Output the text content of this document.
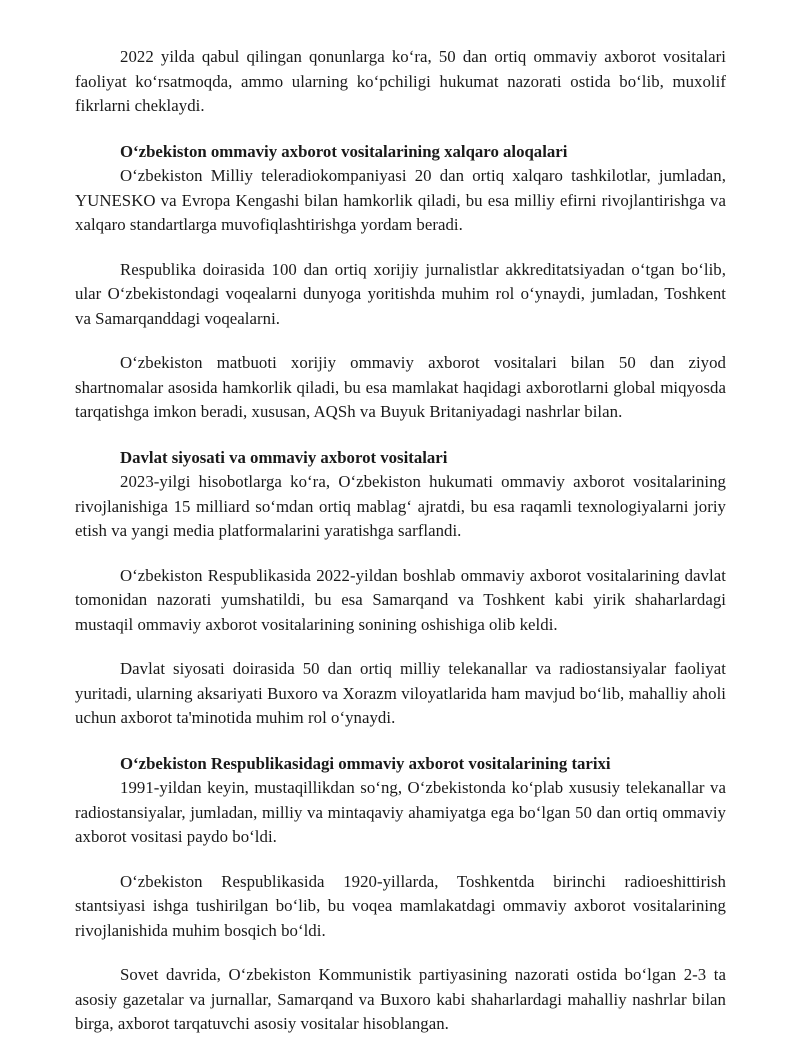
2022 yilda qabul qilingan qonunlarga ko‘ra, 50 dan ortiq ommaviy axborot vositalari faoliyat ko‘rsatmoqda, ammo ularning ko‘pchiligi hukumat nazorati ostida bo‘lib, muxolif fikrlarni cheklaydi.

O‘zbekiston ommaviy axborot vositalarining xalqaro aloqalari

O‘zbekiston Milliy teleradiokompaniyasi 20 dan ortiq xalqaro tashkilotlar, jumladan, YUNESKO va Evropa Kengashi bilan hamkorlik qiladi, bu esa milliy efirni rivojlantirishga va xalqaro standartlarga muvofiqlashtirishga yordam beradi.

Respublika doirasida 100 dan ortiq xorijiy jurnalistlar akkreditatsiyadan o‘tgan bo‘lib, ular O‘zbekistondagi voqealarni dunyoga yoritishda muhim rol o‘ynaydi, jumladan, Toshkent va Samarqanddagi voqealarni.

O‘zbekiston matbuoti xorijiy ommaviy axborot vositalari bilan 50 dan ziyod shartnomalar asosida hamkorlik qiladi, bu esa mamlakat haqidagi axborotlarni global miqyosda tarqatishga imkon beradi, xususan, AQSh va Buyuk Britaniyadagi nashrlar bilan.

Davlat siyosati va ommaviy axborot vositalari

2023-yilgi hisobotlarga ko‘ra, O‘zbekiston hukumati ommaviy axborot vositalarining rivojlanishiga 15 milliard so‘mdan ortiq mablag‘ ajratdi, bu esa raqamli texnologiyalarni joriy etish va yangi media platformalarini yaratishga sarflandi.

O‘zbekiston Respublikasida 2022-yildan boshlab ommaviy axborot vositalarining davlat tomonidan nazorati yumshatildi, bu esa Samarqand va Toshkent kabi yirik shaharlardagi mustaqil ommaviy axborot vositalarining sonining oshishiga olib keldi.

Davlat siyosati doirasida 50 dan ortiq milliy telekanallar va radiostansiyalar faoliyat yuritadi, ularning aksariyati Buxoro va Xorazm viloyatlarida ham mavjud bo‘lib, mahalliy aholi uchun axborot ta'minotida muhim rol o‘ynaydi.

O‘zbekiston Respublikasidagi ommaviy axborot vositalarining tarixi

1991-yildan keyin, mustaqillikdan so‘ng, O‘zbekistonda ko‘plab xususiy telekanallar va radiostansiyalar, jumladan, milliy va mintaqaviy ahamiyatga ega bo‘lgan 50 dan ortiq ommaviy axborot vositasi paydo bo‘ldi.

O‘zbekiston Respublikasida 1920-yillarda, Toshkentda birinchi radioeshittirish stantsiyasi ishga tushirilgan bo‘lib, bu voqea mamlakatdagi ommaviy axborot vositalarining rivojlanishida muhim bosqich bo‘ldi.

Sovet davrida, O‘zbekiston Kommunistik partiyasining nazorati ostida bo‘lgan 2-3 ta asosiy gazetalar va jurnallar, Samarqand va Buxoro kabi shaharlardagi mahalliy nashrlar bilan birga, axborot tarqatuvchi asosiy vositalar hisoblangan.
